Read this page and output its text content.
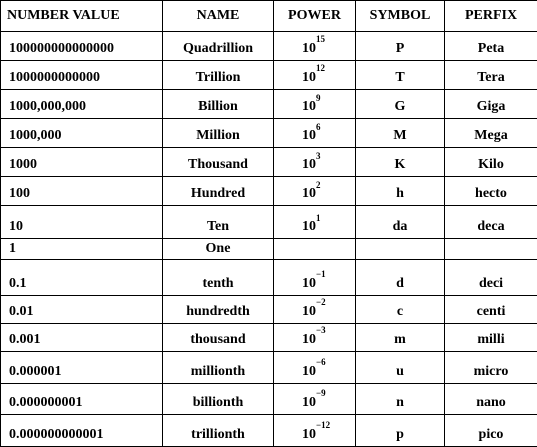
NUMBER VALUE	NAME	POWER	SYMBOL	PERFIX
100000000000000	Quadrillion	$10^{15}$	P	Peta
1000000000000	Trillion	$10^{12}$	T	Tera
1000,000,000	Billion	$10^9$	G	Giga
1000,000	Million	$10^6$	M	Mega
1000	Thousand	$10^3$	K	Kilo
100	Hundred	$10^2$	h	hecto
10	Ten	$10^1$	da	deca
1	One			
0.1	tenth	$10^{-1}$	d	deci
0.01	hundredth	$10^{-2}$	c	centi
0.001	thousand	$10^{-3}$	m	milli
0.000001	millionth	$10^{-6}$	u	micro
0.000000001	billionth	$10^{-9}$	n	nano
0.000000000001	trillionth	$10^{-12}$	p	pico
